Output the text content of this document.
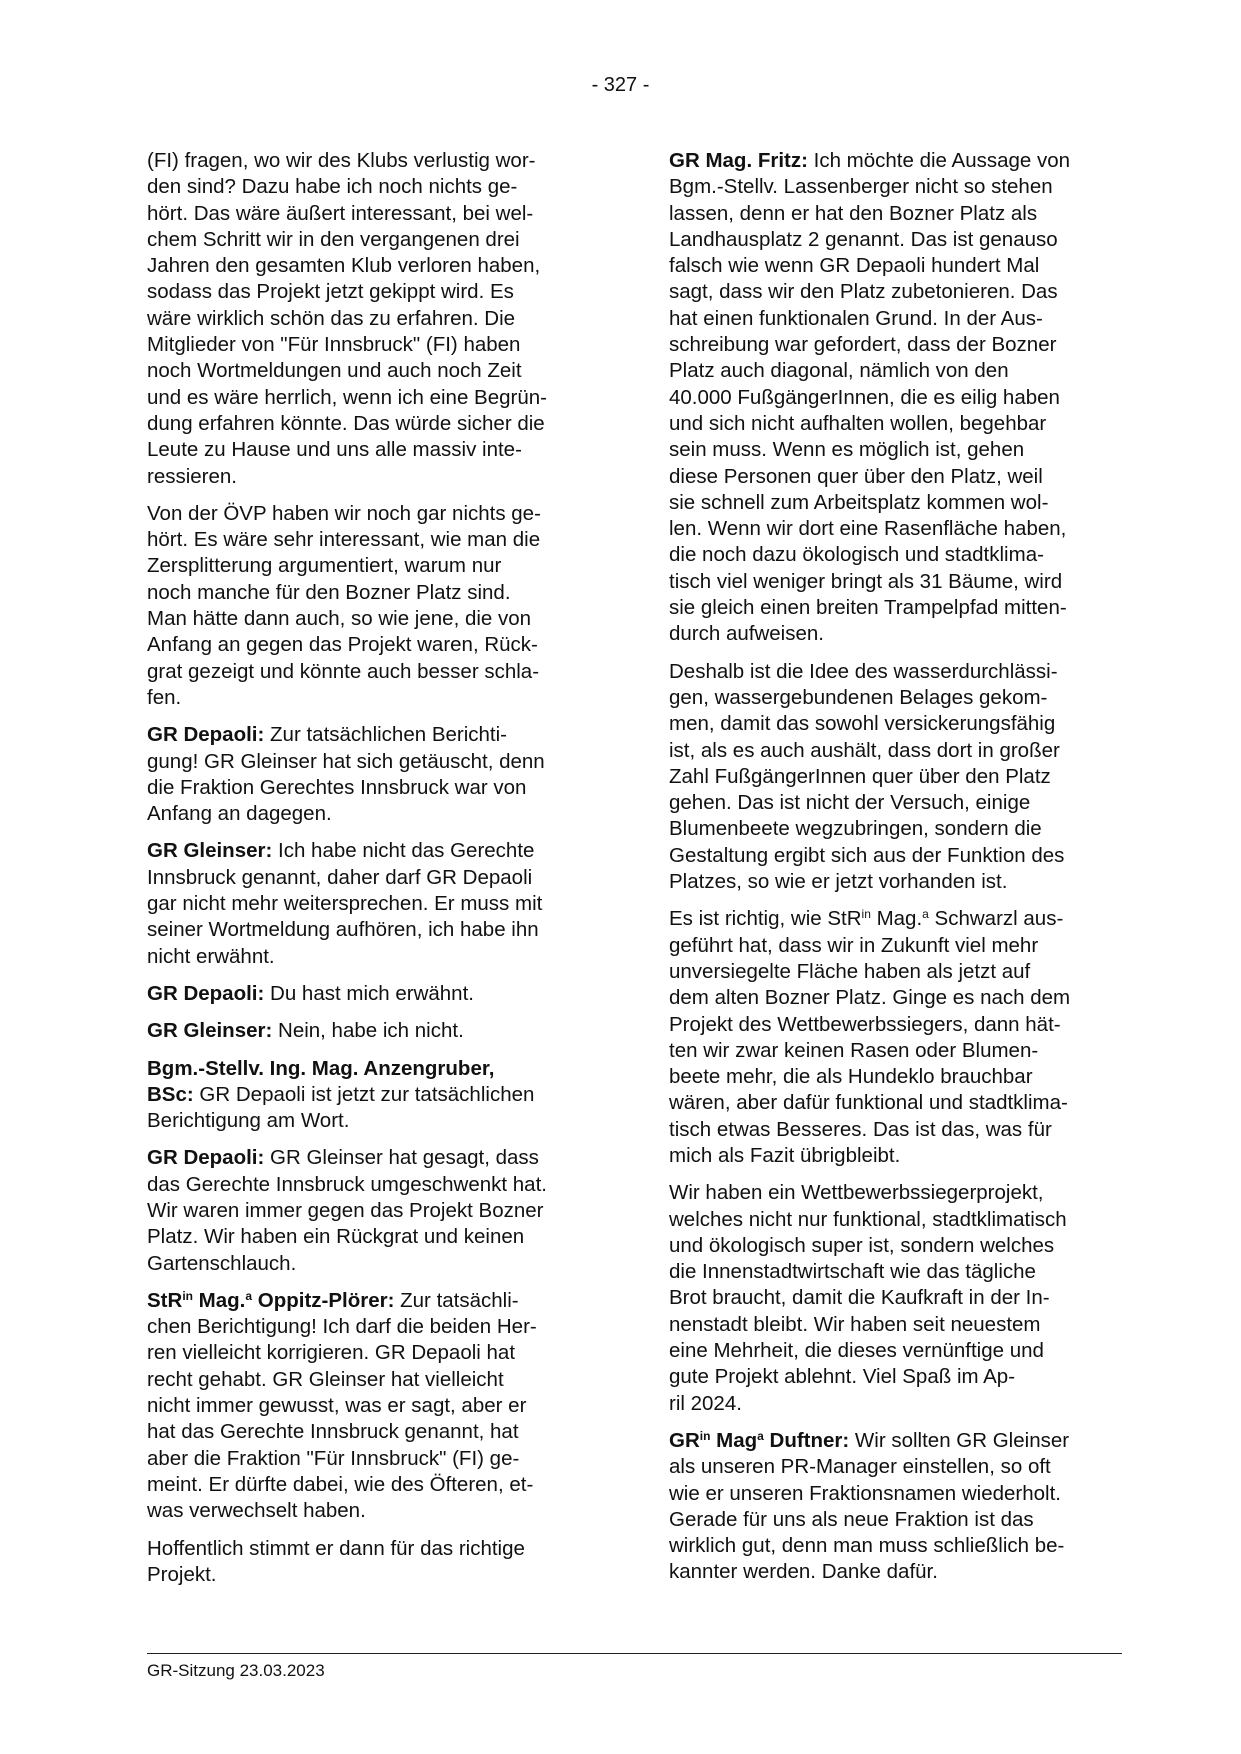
- 327 -

(FI) fragen, wo wir des Klubs verlustig wor-
den sind? Dazu habe ich noch nichts ge-
hört. Das wäre äußert interessant, bei wel-
chem Schritt wir in den vergangenen drei
Jahren den gesamten Klub verloren haben,
sodass das Projekt jetzt gekippt wird. Es
wäre wirklich schön das zu erfahren. Die
Mitglieder von "Für Innsbruck" (FI) haben
noch Wortmeldungen und auch noch Zeit
und es wäre herrlich, wenn ich eine Begrün-
dung erfahren könnte. Das würde sicher die
Leute zu Hause und uns alle massiv inte-
ressieren.

Von der ÖVP haben wir noch gar nichts ge-
hört. Es wäre sehr interessant, wie man die
Zersplitterung argumentiert, warum nur
noch manche für den Bozner Platz sind.
Man hätte dann auch, so wie jene, die von
Anfang an gegen das Projekt waren, Rück-
grat gezeigt und könnte auch besser schla-
fen.

GR Depaoli: Zur tatsächlichen Berichti-
gung! GR Gleinser hat sich getäuscht, denn
die Fraktion Gerechtes Innsbruck war von
Anfang an dagegen.

GR Gleinser: Ich habe nicht das Gerechte
Innsbruck genannt, daher darf GR Depaoli
gar nicht mehr weitersprechen. Er muss mit
seiner Wortmeldung aufhören, ich habe ihn
nicht erwähnt.

GR Depaoli: Du hast mich erwähnt.

GR Gleinser: Nein, habe ich nicht.

Bgm.-Stellv. Ing. Mag. Anzengruber,
BSc: GR Depaoli ist jetzt zur tatsächlichen
Berichtigung am Wort.

GR Depaoli: GR Gleinser hat gesagt, dass
das Gerechte Innsbruck umgeschwenkt hat.
Wir waren immer gegen das Projekt Bozner
Platz. Wir haben ein Rückgrat und keinen
Gartenschlauch.

StR$^{in}$ Mag.$^a$ Oppitz-Plörer: Zur tatsächli-
chen Berichtigung! Ich darf die beiden Her-
ren vielleicht korrigieren. GR Depaoli hat
recht gehabt. GR Gleinser hat vielleicht
nicht immer gewusst, was er sagt, aber er
hat das Gerechte Innsbruck genannt, hat
aber die Fraktion "Für Innsbruck" (FI) ge-
meint. Er dürfte dabei, wie des Öfteren, et-
was verwechselt haben.

Hoffentlich stimmt er dann für das richtige
Projekt.

GR Mag. Fritz: Ich möchte die Aussage von
Bgm.-Stellv. Lassenberger nicht so stehen
lassen, denn er hat den Bozner Platz als
Landhausplatz 2 genannt. Das ist genauso
falsch wie wenn GR Depaoli hundert Mal
sagt, dass wir den Platz zubetonieren. Das
hat einen funktionalen Grund. In der Aus-
schreibung war gefordert, dass der Bozner
Platz auch diagonal, nämlich von den
40.000 FußgängerInnen, die es eilig haben
und sich nicht aufhalten wollen, begehbar
sein muss. Wenn es möglich ist, gehen
diese Personen quer über den Platz, weil
sie schnell zum Arbeitsplatz kommen wol-
len. Wenn wir dort eine Rasenfläche haben,
die noch dazu ökologisch und stadtklima-
tisch viel weniger bringt als 31 Bäume, wird
sie gleich einen breiten Trampelpfad mitten-
durch aufweisen.

Deshalb ist die Idee des wasserdurchlässi-
gen, wassergebundenen Belages gekom-
men, damit das sowohl versickerungsfähig
ist, als es auch aushält, dass dort in großer
Zahl FußgängerInnen quer über den Platz
gehen. Das ist nicht der Versuch, einige
Blumenbeete wegzubringen, sondern die
Gestaltung ergibt sich aus der Funktion des
Platzes, so wie er jetzt vorhanden ist.

Es ist richtig, wie StR$^{in}$ Mag.$^a$ Schwarzl aus-
geführt hat, dass wir in Zukunft viel mehr
unversiegelte Fläche haben als jetzt auf
dem alten Bozner Platz. Ginge es nach dem
Projekt des Wettbewerbssiegers, dann hät-
ten wir zwar keinen Rasen oder Blumen-
beete mehr, die als Hundeklo brauchbar
wären, aber dafür funktional und stadtklima-
tisch etwas Besseres. Das ist das, was für
mich als Fazit übrigbleibt.

Wir haben ein Wettbewerbssiegerprojekt,
welches nicht nur funktional, stadtklimatisch
und ökologisch super ist, sondern welches
die Innenstadtwirtschaft wie das tägliche
Brot braucht, damit die Kaufkraft in der In-
nenstadt bleibt. Wir haben seit neuestem
eine Mehrheit, die dieses vernünftige und
gute Projekt ablehnt. Viel Spaß im Ap-
ril 2024.

$GR^{in}$ Mag$^a$ Duftner: Wir sollten GR Gleinser
als unseren PR-Manager einstellen, so oft
wie er unseren Fraktionsnamen wiederholt.
Gerade für uns als neue Fraktion ist das
wirklich gut, denn man muss schließlich be-
kannter werden. Danke dafür.

GR-Sitzung 23.03.2023
